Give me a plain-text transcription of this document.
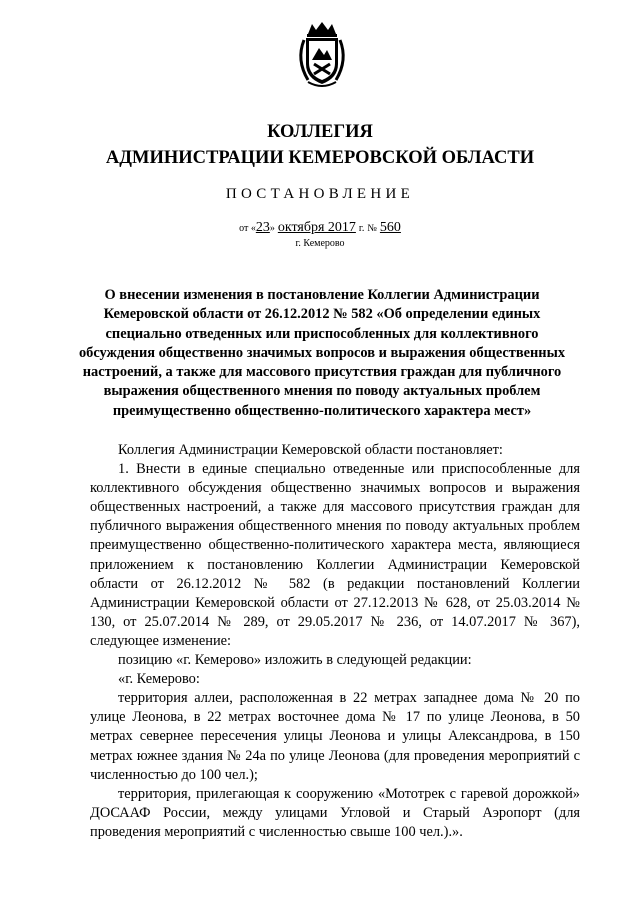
КОЛЛЕГИЯ
АДМИНИСТРАЦИИ КЕМЕРОВСКОЙ ОБЛАСТИ
ПОСТАНОВЛЕНИЕ
от «23» октября 2017 г. № 560
г. Кемерово
О внесении изменения в постановление Коллегии Администрации Кемеровской области от 26.12.2012 № 582 «Об определении единых специально отведенных или приспособленных для коллективного обсуждения общественно значимых вопросов и выражения общественных настроений, а также для массового присутствия граждан для публичного выражения общественного мнения по поводу актуальных проблем преимущественно общественно-политического характера мест»

Коллегия Администрации Кемеровской области постановляет:

1. Внести в единые специально отведенные или приспособленные для коллективного обсуждения общественно значимых вопросов и выражения общественных настроений, а также для массового присутствия граждан для публичного выражения общественного мнения по поводу актуальных проблем преимущественно общественно-политического характера места, являющиеся приложением к постановлению Коллегии Администрации Кемеровской области от 26.12.2012 № 582 (в редакции постановлений Коллегии Администрации Кемеровской области от 27.12.2013 № 628, от 25.03.2014 № 130, от 25.07.2014 № 289, от 29.05.2017 № 236, от 14.07.2017 № 367), следующее изменение:

позицию «г. Кемерово» изложить в следующей редакции:

«г. Кемерово:

территория аллеи, расположенная в 22 метрах западнее дома № 20 по улице Леонова, в 22 метрах восточнее дома № 17 по улице Леонова, в 50 метрах севернее пересечения улицы Леонова и улицы Александрова, в 150 метрах южнее здания № 24а по улице Леонова (для проведения мероприятий с численностью до 100 чел.);

территория, прилегающая к сооружению «Мототрек с гаревой дорожкой» ДОСААФ России, между улицами Угловой и Старый Аэропорт (для проведения мероприятий с численностью свыше 100 чел.).».
